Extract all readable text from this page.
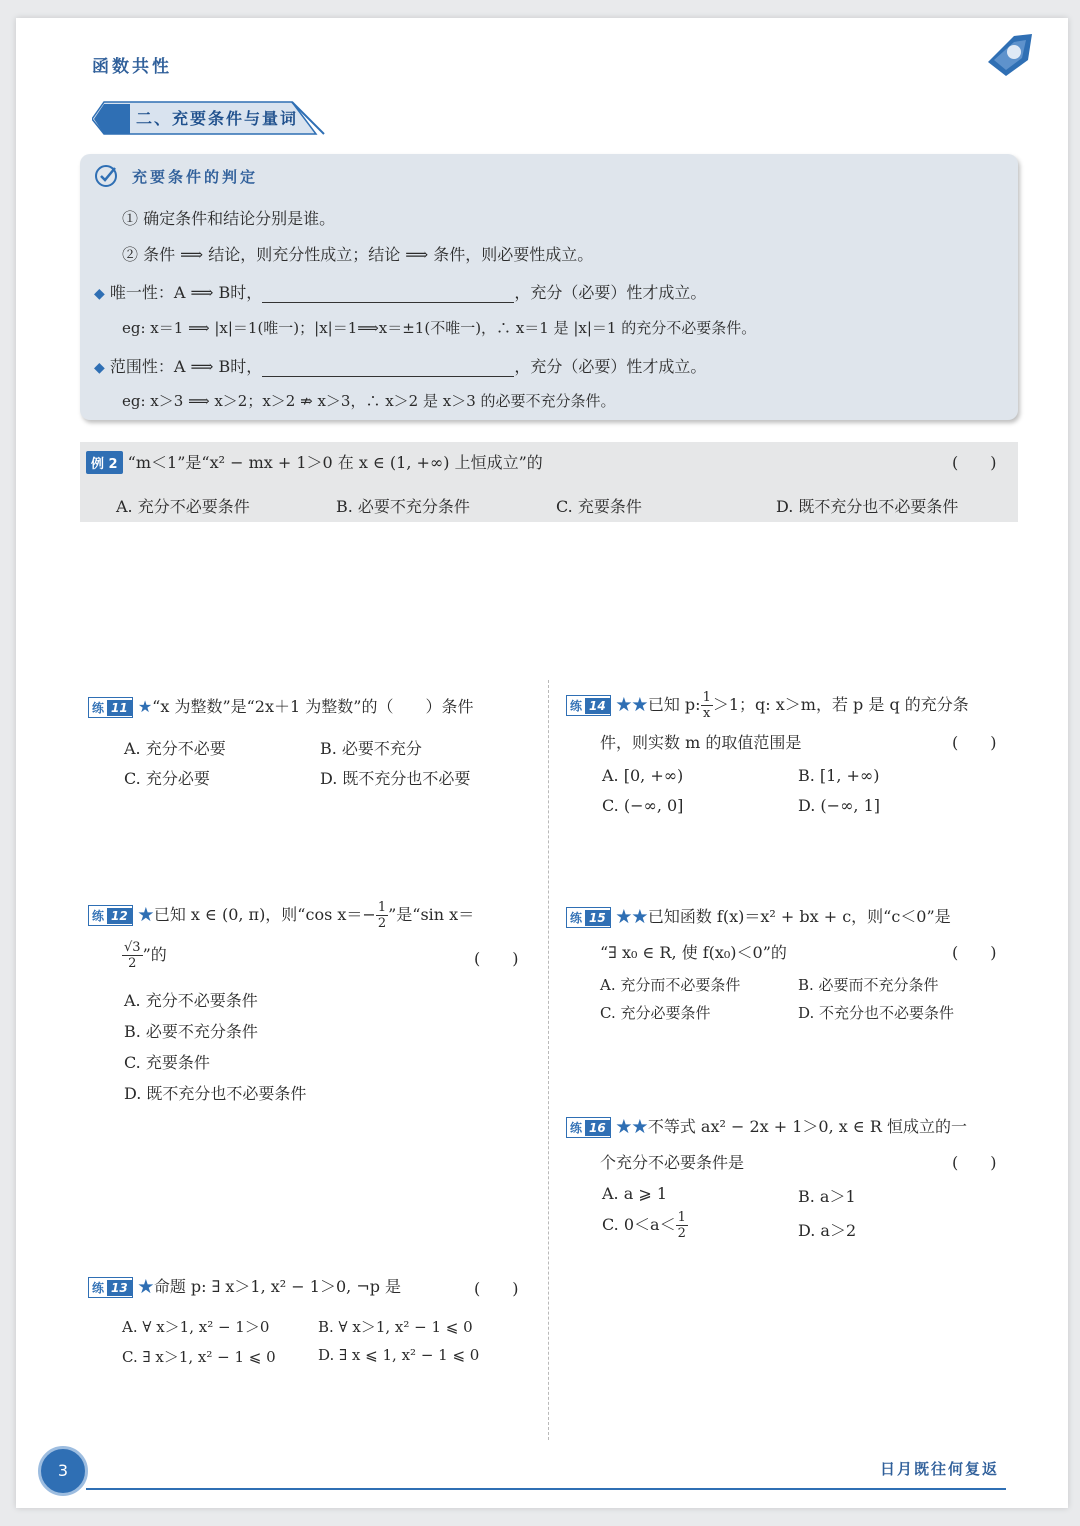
函数共性
二、充要条件与量词
充要条件的判定
① 确定条件和结论分别是谁。
② 条件 ⟹ 结论，则充分性成立；结论 ⟹ 条件，则必要性成立。
◆ 唯一性：A ⟹ B时，	，充分（必要）性才成立。
eg: x＝1 ⟹ |x|＝1(唯一)；|x|＝1⟹x＝±1(不唯一)，∴ x＝1 是 |x|＝1 的充分不必要条件。
◆ 范围性：A ⟹ B时，	，充分（必要）性才成立。
eg: x＞3 ⟹ x＞2；x＞2 ⇏ x＞3，∴ x＞2 是 x＞3 的必要不充分条件。
例 2 “m＜1”是“x² − mx + 1＞0 在 x ∈ (1, +∞) 上恒成立”的	(　　)
A. 充分不必要条件	B. 必要不充分条件	C. 充要条件	D. 既不充分也不必要条件
练 11 ★“x 为整数”是“2x＋1 为整数”的（　　）条件
A. 充分不必要	B. 必要不充分
C. 充分必要	D. 既不充分也不必要
练 12 ★已知 x ∈ (0, π)，则“cos $x=- \frac{1}{2}$ ”是“sin x＝
$\frac{√3}{2}$ ”的	(　　)
A. 充分不必要条件
B. 必要不充分条件
C. 充要条件
D. 既不充分也不必要条件
练 13 ★命题 p: ∃ x＞1, x² − 1＞0, ¬p 是	(　　)
A. ∀ x＞1, x² − 1＞0	B. ∀ x＞1, x² − 1 ⩽ 0
C. ∃ x＞1, x² − 1 ⩽ 0	D. ∃ x ⩽ 1, x² − 1 ⩽ 0
练 14 ★★已知 p: $\frac{1}{x} >1$；q: x＞m，若 p 是 q 的充分条
件，则实数 m 的取值范围是	(　　)
A. [0, +∞)	B. [1, +∞)
C. (−∞, 0]	D. (−∞, 1]
练 15 ★★已知函数 f(x)＝x² + bx + c，则“c＜0”是
“∃ x₀ ∈ R, 使 f(x₀)＜0”的	(　　)
A. 充分而不必要条件	B. 必要而不充分条件
C. 充分必要条件	D. 不充分也不必要条件
练 16 ★★不等式 ax² − 2x + 1＞0, x ∈ R 恒成立的一
个充分不必要条件是	(　　)
A. a ⩾ 1	B. a＞1
C. $0<a< \frac{1}{2}$	D. a＞2
3	日月既往何复返
